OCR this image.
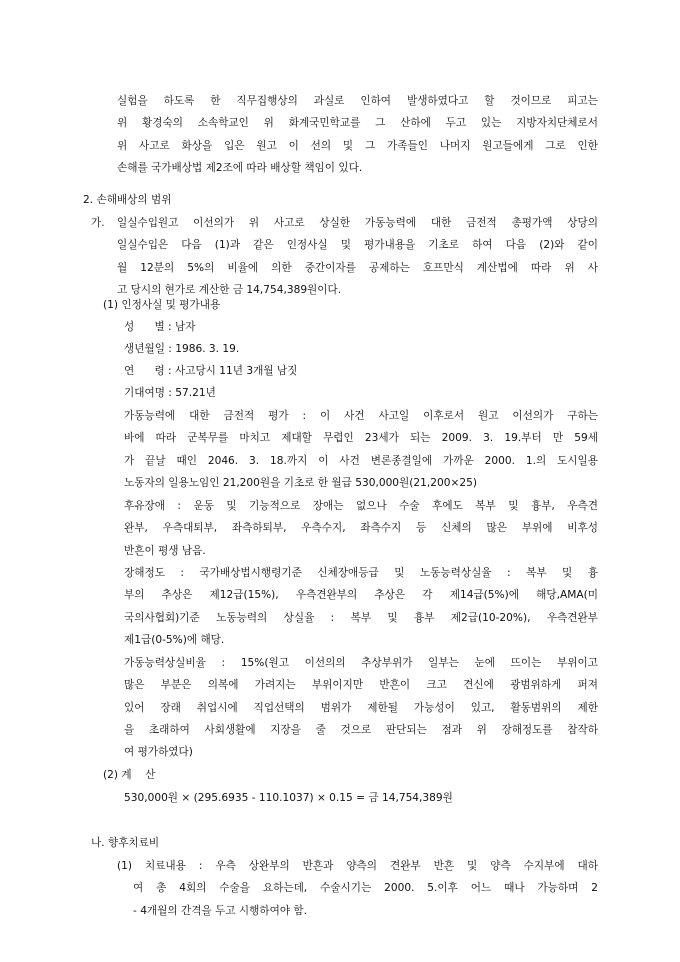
실험을 하도록 한 직무집행상의 과실로 인하여 발생하였다고 할 것이므로 피고는
위 황경숙의 소속학교인 위 화계국민학교를 그 산하에 두고 있는 지방자치단체로서
위 사고로 화상을 입은 원고 이 선의 및 그 가족들인 나머지 원고들에게 그로 인한
손해를 국가배상법 제2조에 따라 배상할 책임이 있다.
2. 손해배상의 범위
가. 일실수입원고 이선의가 위 사고로 상실한 가동능력에 대한 금전적 총평가액 상당의
일실수입은 다음 (1)과 같은 인정사실 및 평가내용을 기초로 하여 다음 (2)와 같이
월 12분의 5%의 비율에 의한 중간이자를 공제하는 호프만식 계산법에 따라 위 사
고 당시의 현가로 계산한 금 14,754,389원이다.
(1) 인정사실 및 평가내용
성      별 : 남자
생년월일 : 1986. 3. 19.
연      령 : 사고당시 11년 3개월 남짓
기대여명 : 57.21년
가동능력에 대한 금전적 평가 : 이 사건 사고일 이후로서 원고 이선의가 구하는
바에 따라 군복무를 마치고 제대할 무렵인 23세가 되는 2009. 3. 19.부터 만 59세
가 끝날 때인 2046. 3. 18.까지 이 사건 변론종결일에 가까운 2000. 1.의 도시일용
노동자의 일용노임인 21,200원을 기초로 한 월급 530,000원(21,200×25)
후유장애 : 운동 및 기능적으로 장애는 없으나 수술 후에도 복부 및 흉부, 우측견
완부, 우측대퇴부, 좌측하퇴부, 우측수지, 좌측수지 등 신체의 많은 부위에 비후성
반흔이 평생 남음.
장해정도 : 국가배상법시행령기준 신체장애등급 및 노동능력상실율 : 복부 및 흉
부의 추상은 제12급(15%), 우측견완부의 추상은 각 제14급(5%)에 해당,AMA(미
국의사협회)기준 노동능력의 상실율 : 복부 및 흉부 제2급(10-20%), 우측견완부
제1급(0-5%)에 해당.
가동능력상실비율 : 15%(원고 이선의의 추상부위가 일부는 눈에 뜨이는 부위이고
많은 부분은 의복에 가려지는 부위이지만 반흔이 크고 견신에 광범위하게 퍼져
있어 장래 취업시에 직업선택의 범위가 제한될 가능성이 있고, 활동범위의 제한
을 초래하여 사회생활에 지장을 줄 것으로 판단되는 점과 위 장해정도를 참작하
여 평가하였다)
(2) 계    산
530,000원 × (295.6935 - 110.1037) × 0.15 = 금 14,754,389원
나. 향후치료비
(1) 치료내용 : 우측 상완부의 반흔과 양측의 견완부 반흔 및 양측 수지부에 대하
여 총 4회의 수술을 요하는데, 수술시기는 2000. 5.이후 어느 때나 가능하며 2
- 4개월의 간격을 두고 시행하여야 함.
